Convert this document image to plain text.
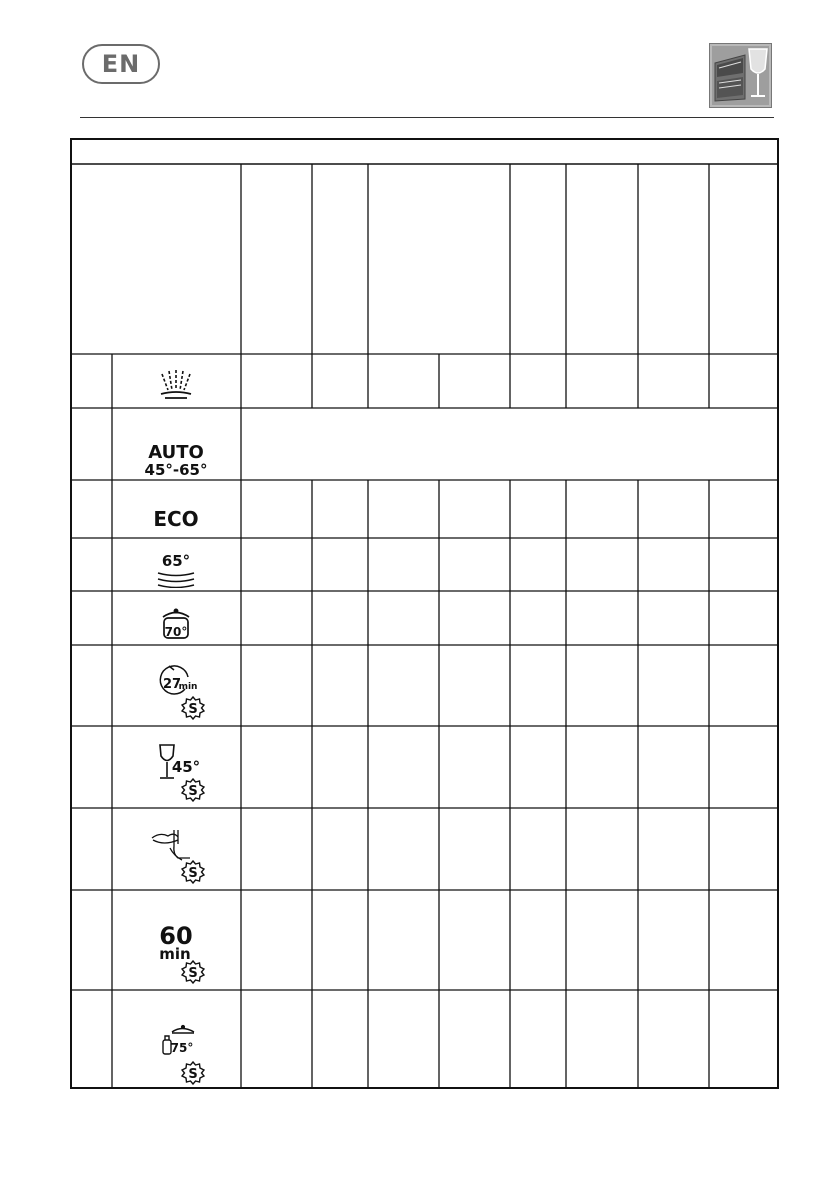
EN
AUTO
45°-65°
ECO
65°
70°
27
min
S
45°
S
S
60
min
S
75°
S
